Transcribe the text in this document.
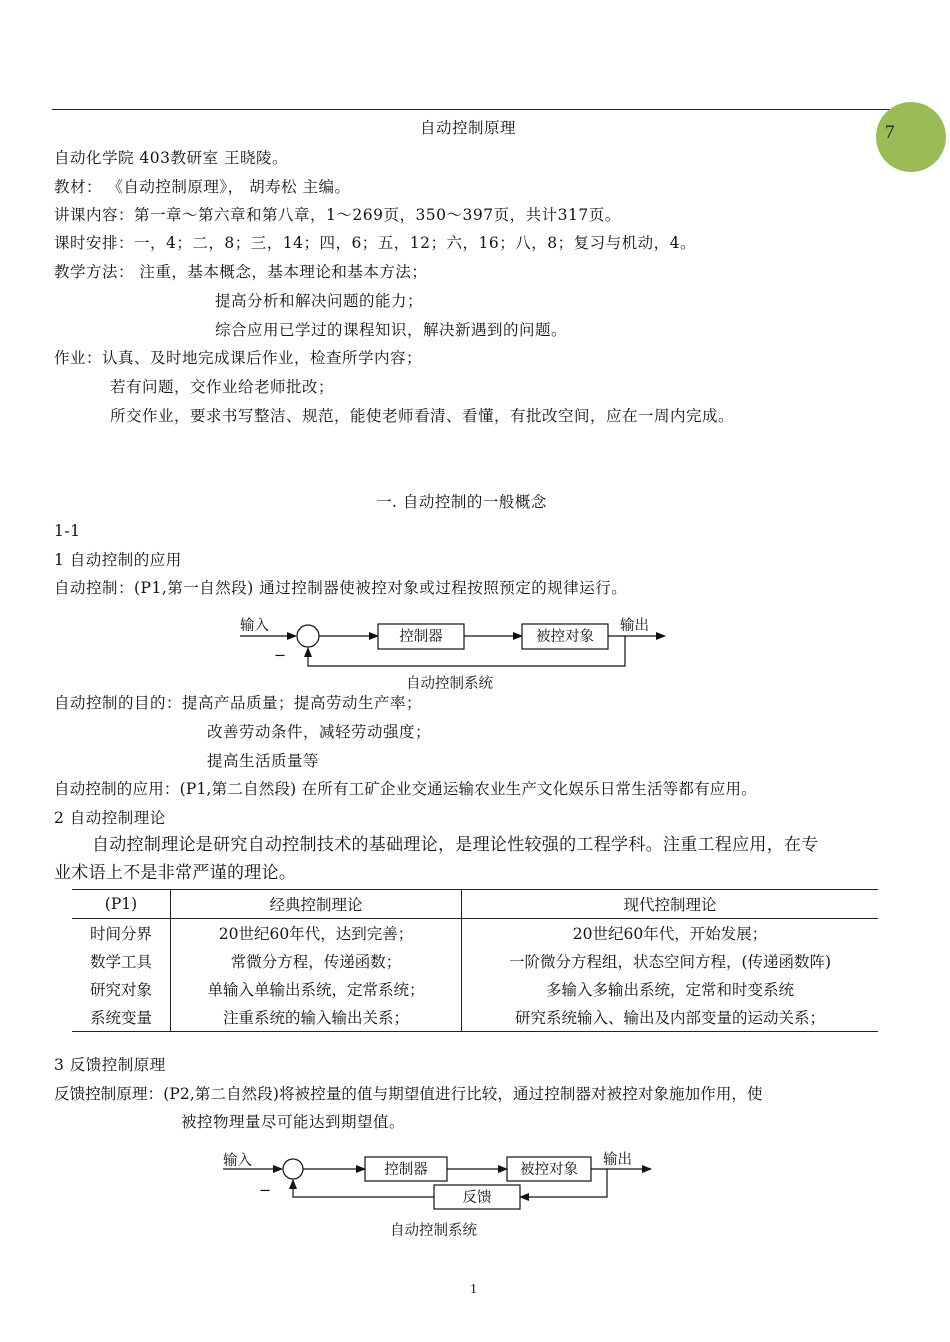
7
自动控制原理
自动化学院 403教研室 王晓陵。
教材： 《自动控制原理》， 胡寿松 主编。
讲课内容：第一章～第六章和第八章，1～269页，350～397页，共计317页。
课时安排：一，4；二，8；三，14；四，6；五，12；六，16；八，8；复习与机动，4。
教学方法： 注重，基本概念，基本理论和基本方法；
提高分析和解决问题的能力；
综合应用已学过的课程知识，解决新遇到的问题。
作业：认真、及时地完成课后作业，检查所学内容；
若有问题，交作业给老师批改；
所交作业，要求书写整洁、规范，能使老师看清、看懂，有批改空间，应在一周内完成。
一. 自动控制的一般概念
1-1
1 自动控制的应用
自动控制：(P1,第一自然段) 通过控制器使被控对象或过程按照预定的规律运行。
输入
−
控制器	被控对象
输出
自动控制系统
自动控制的目的：提高产品质量；提高劳动生产率；
改善劳动条件，减轻劳动强度；
提高生活质量等
自动控制的应用：(P1,第二自然段) 在所有工矿企业交通运输农业生产文化娱乐日常生活等都有应用。
2 自动控制理论
自动控制理论是研究自动控制技术的基础理论，是理论性较强的工程学科。注重工程应用，在专
业术语上不是非常严谨的理论。
(P1)	经典控制理论	现代控制理论
时间分界	20世纪60年代，达到完善；	20世纪60年代，开始发展；
数学工具	常微分方程，传递函数；	一阶微分方程组，状态空间方程，(传递函数阵)
研究对象	单输入单输出系统，定常系统；	多输入多输出系统，定常和时变系统
系统变量	注重系统的输入输出关系；	研究系统输入、输出及内部变量的运动关系；
3 反馈控制原理
反馈控制原理：(P2,第二自然段)将被控量的值与期望值进行比较，通过控制器对被控对象施加作用，使
被控物理量尽可能达到期望值。
输入
−
控制器	被控对象
输出
反馈
自动控制系统
1
